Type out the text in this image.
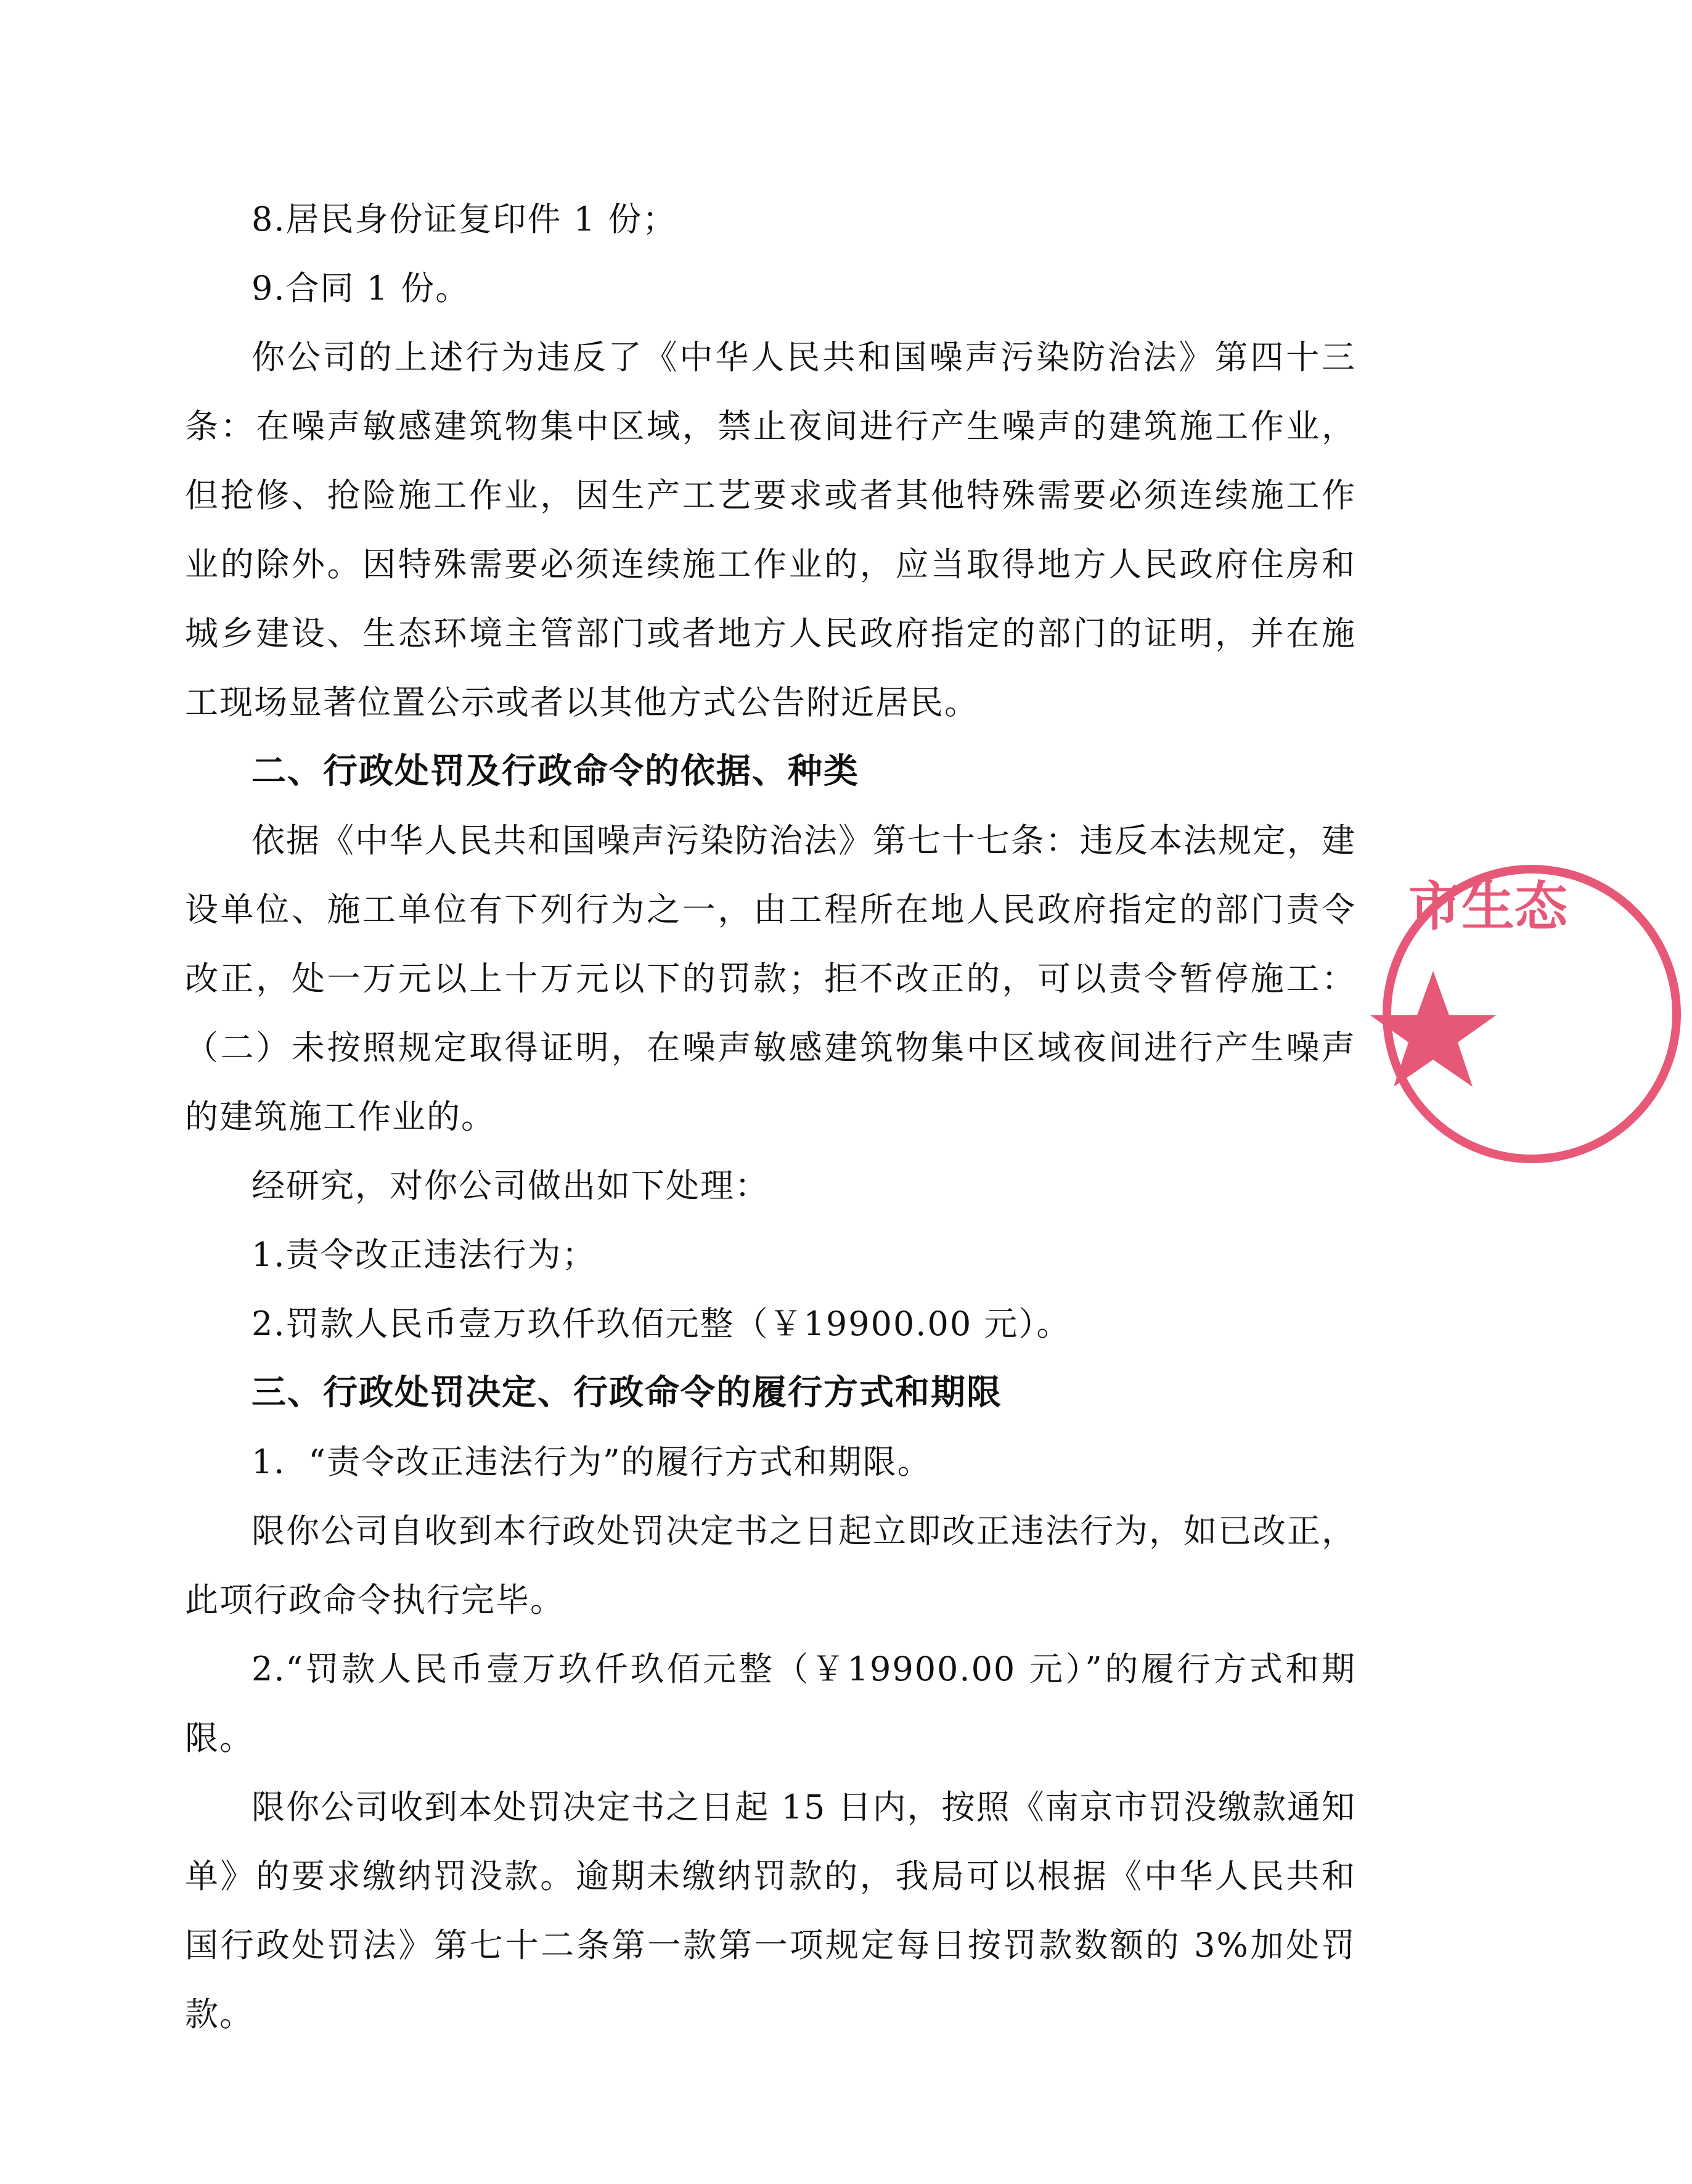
8.居民身份证复印件 1 份；

9.合同 1 份。

你公司的上述行为违反了《中华人民共和国噪声污染防治法》第四十三条：在噪声敏感建筑物集中区域，禁止夜间进行产生噪声的建筑施工作业，但抢修、抢险施工作业，因生产工艺要求或者其他特殊需要必须连续施工作业的除外。因特殊需要必须连续施工作业的，应当取得地方人民政府住房和城乡建设、生态环境主管部门或者地方人民政府指定的部门的证明，并在施工现场显著位置公示或者以其他方式公告附近居民。

二、行政处罚及行政命令的依据、种类

依据《中华人民共和国噪声污染防治法》第七十七条：违反本法规定，建设单位、施工单位有下列行为之一，由工程所在地人民政府指定的部门责令改正，处一万元以上十万元以下的罚款；拒不改正的，可以责令暂停施工：（二）未按照规定取得证明，在噪声敏感建筑物集中区域夜间进行产生噪声的建筑施工作业的。

经研究，对你公司做出如下处理：

1.责令改正违法行为；

2.罚款人民币壹万玖仟玖佰元整（￥19900.00 元）。

三、行政处罚决定、行政命令的履行方式和期限

1．“责令改正违法行为”的履行方式和期限。

限你公司自收到本行政处罚决定书之日起立即改正违法行为，如已改正，此项行政命令执行完毕。

2.“罚款人民币壹万玖仟玖佰元整（￥19900.00 元）”的履行方式和期限。

限你公司收到本处罚决定书之日起 15 日内，按照《南京市罚没缴款通知单》的要求缴纳罚没款。逾期未缴纳罚款的，我局可以根据《中华人民共和国行政处罚法》第七十二条第一款第一项规定每日按罚款数额的 3%加处罚款。

市生态
